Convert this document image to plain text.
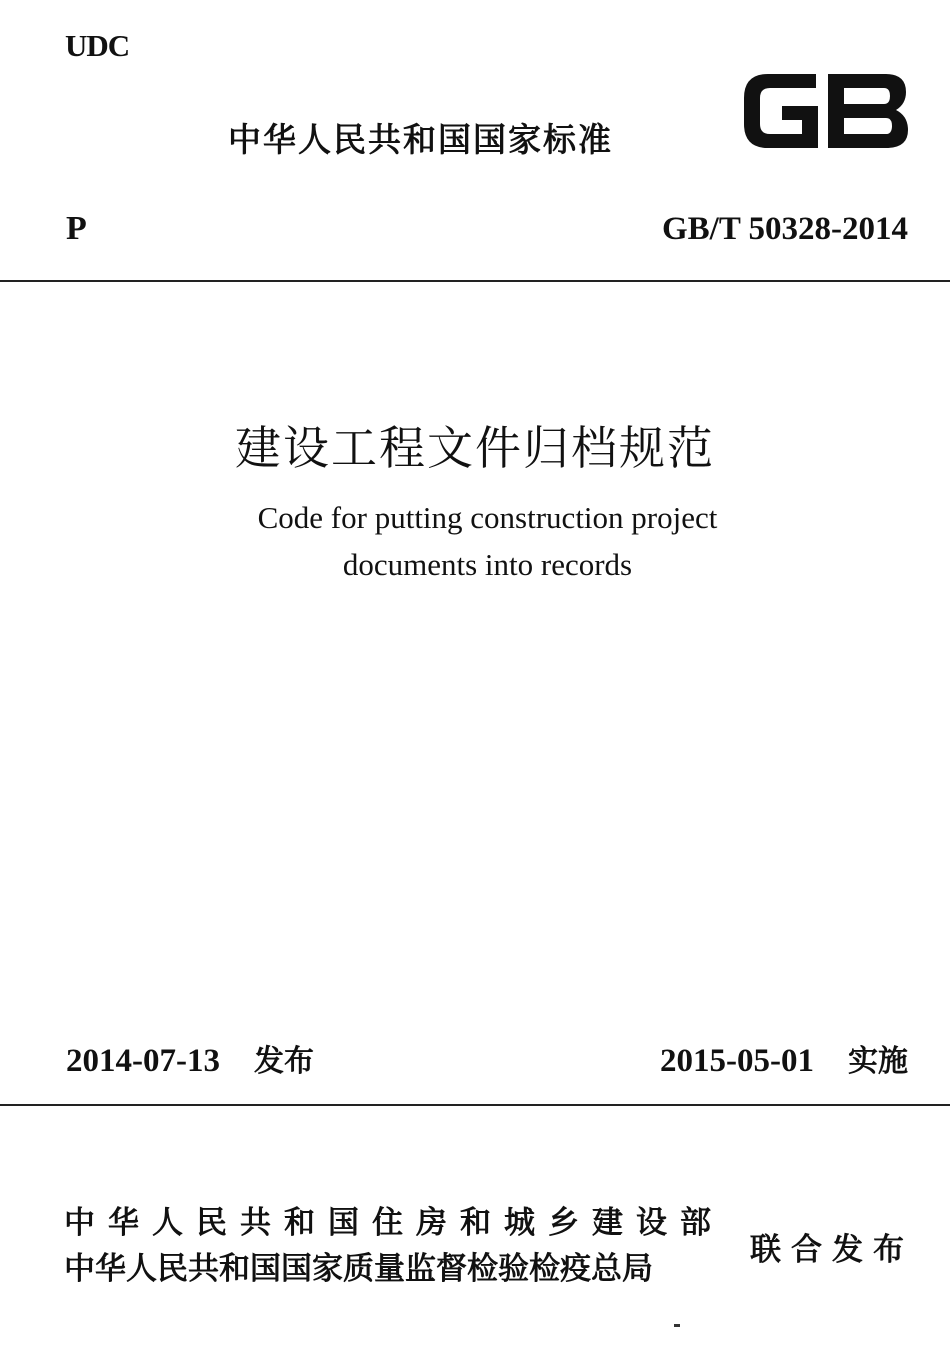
UDC
中华人民共和国国家标准
GB
P	GB/T 50328-2014
建设工程文件归档规范
Code for putting construction project
documents into records
2014-07-13 发布	2015-05-01 实施
中华人民共和国住房和城乡建设部
中华人民共和国国家质量监督检验检疫总局
联合发布
